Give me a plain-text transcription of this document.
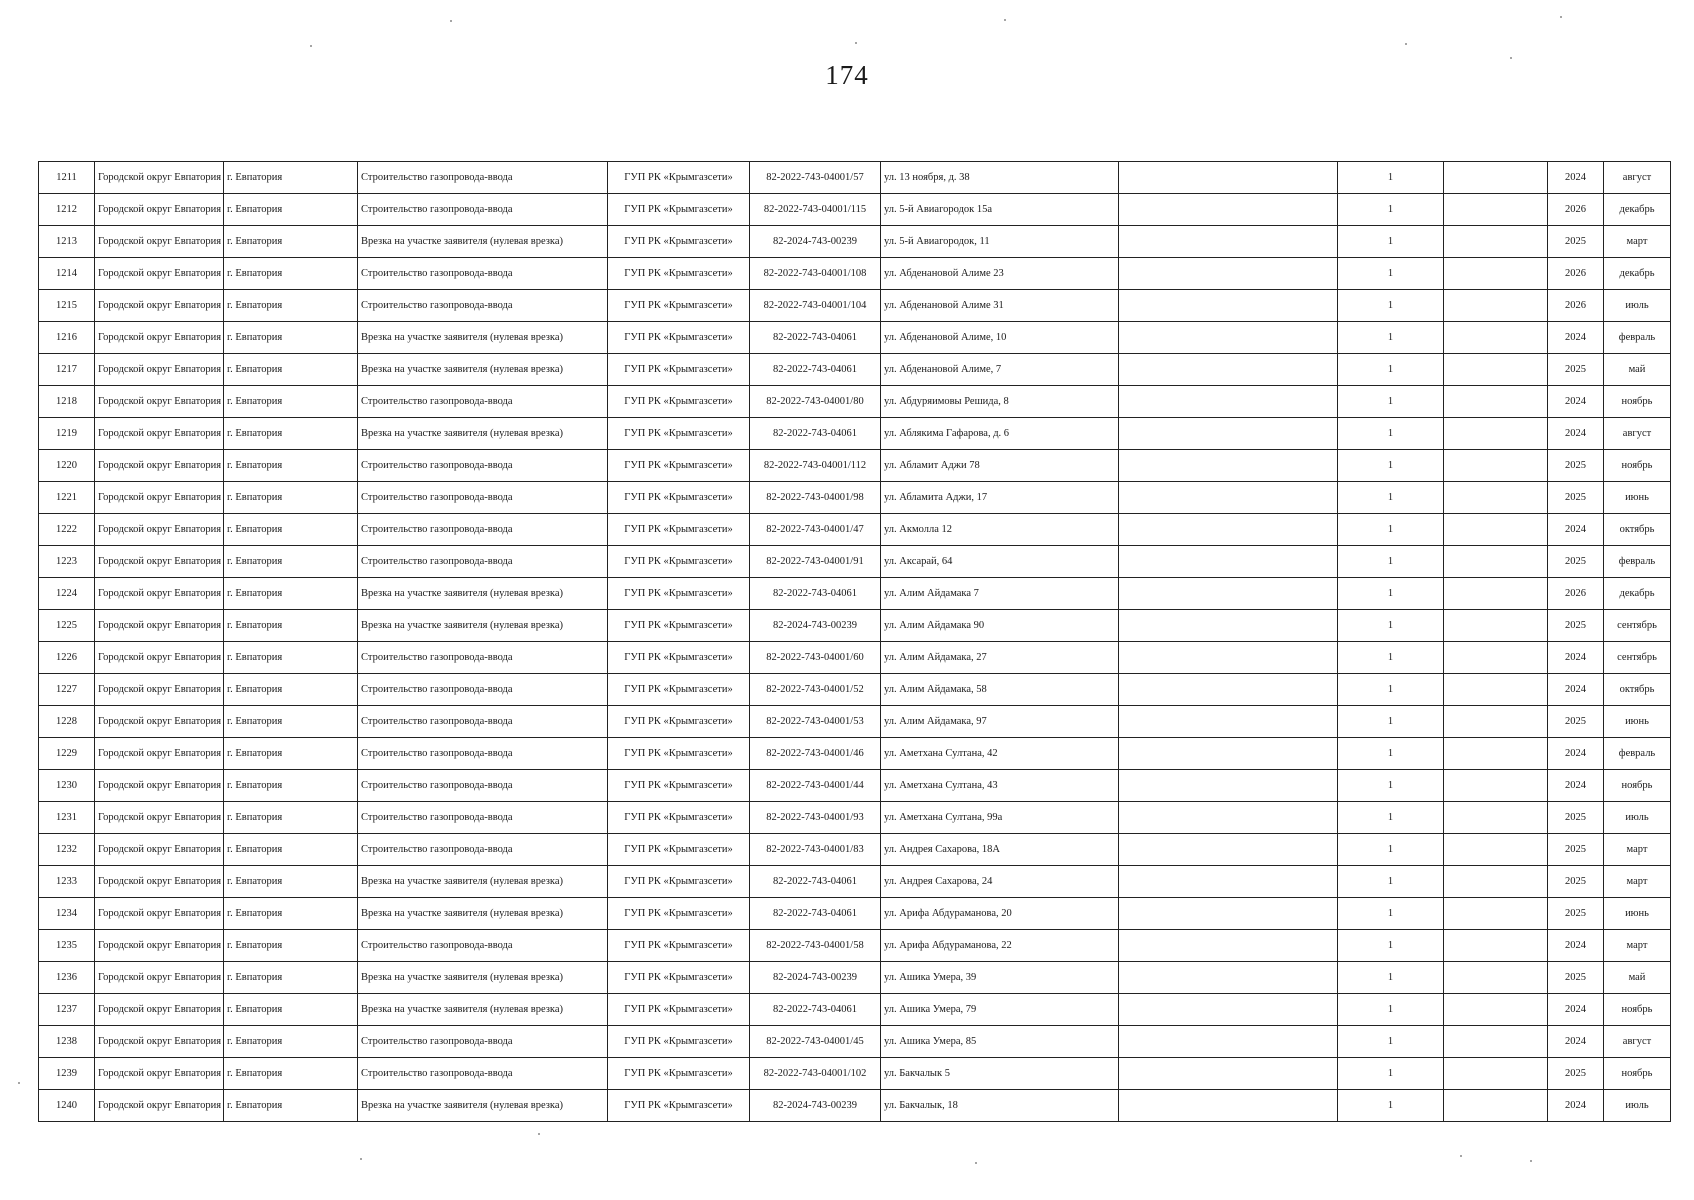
174
1211	Городской округ Евпатория	г. Евпатория	Строительство газопровода-ввода	ГУП РК «Крымгазсети»	82-2022-743-04001/57	ул. 13 ноября, д. 38		1		2024	август
1212	Городской округ Евпатория	г. Евпатория	Строительство газопровода-ввода	ГУП РК «Крымгазсети»	82-2022-743-04001/115	ул. 5-й Авиагородок 15а		1		2026	декабрь
1213	Городской округ Евпатория	г. Евпатория	Врезка на участке заявителя (нулевая врезка)	ГУП РК «Крымгазсети»	82-2024-743-00239	ул. 5-й Авиагородок, 11		1		2025	март
1214	Городской округ Евпатория	г. Евпатория	Строительство газопровода-ввода	ГУП РК «Крымгазсети»	82-2022-743-04001/108	ул. Абденановой Алиме 23		1		2026	декабрь
1215	Городской округ Евпатория	г. Евпатория	Строительство газопровода-ввода	ГУП РК «Крымгазсети»	82-2022-743-04001/104	ул. Абденановой Алиме 31		1		2026	июль
1216	Городской округ Евпатория	г. Евпатория	Врезка на участке заявителя (нулевая врезка)	ГУП РК «Крымгазсети»	82-2022-743-04061	ул. Абденановой Алиме, 10		1		2024	февраль
1217	Городской округ Евпатория	г. Евпатория	Врезка на участке заявителя (нулевая врезка)	ГУП РК «Крымгазсети»	82-2022-743-04061	ул. Абденановой Алиме, 7		1		2025	май
1218	Городской округ Евпатория	г. Евпатория	Строительство газопровода-ввода	ГУП РК «Крымгазсети»	82-2022-743-04001/80	ул. Абдуряимовы Решида, 8		1		2024	ноябрь
1219	Городской округ Евпатория	г. Евпатория	Врезка на участке заявителя (нулевая врезка)	ГУП РК «Крымгазсети»	82-2022-743-04061	ул. Аблякима Гафарова, д. 6		1		2024	август
1220	Городской округ Евпатория	г. Евпатория	Строительство газопровода-ввода	ГУП РК «Крымгазсети»	82-2022-743-04001/112	ул. Абламит Аджи 78		1		2025	ноябрь
1221	Городской округ Евпатория	г. Евпатория	Строительство газопровода-ввода	ГУП РК «Крымгазсети»	82-2022-743-04001/98	ул. Абламита Аджи, 17		1		2025	июнь
1222	Городской округ Евпатория	г. Евпатория	Строительство газопровода-ввода	ГУП РК «Крымгазсети»	82-2022-743-04001/47	ул. Акмолла 12		1		2024	октябрь
1223	Городской округ Евпатория	г. Евпатория	Строительство газопровода-ввода	ГУП РК «Крымгазсети»	82-2022-743-04001/91	ул. Аксарай, 64		1		2025	февраль
1224	Городской округ Евпатория	г. Евпатория	Врезка на участке заявителя (нулевая врезка)	ГУП РК «Крымгазсети»	82-2022-743-04061	ул. Алим Айдамака 7		1		2026	декабрь
1225	Городской округ Евпатория	г. Евпатория	Врезка на участке заявителя (нулевая врезка)	ГУП РК «Крымгазсети»	82-2024-743-00239	ул. Алим Айдамака 90		1		2025	сентябрь
1226	Городской округ Евпатория	г. Евпатория	Строительство газопровода-ввода	ГУП РК «Крымгазсети»	82-2022-743-04001/60	ул. Алим Айдамака, 27		1		2024	сентябрь
1227	Городской округ Евпатория	г. Евпатория	Строительство газопровода-ввода	ГУП РК «Крымгазсети»	82-2022-743-04001/52	ул. Алим Айдамака, 58		1		2024	октябрь
1228	Городской округ Евпатория	г. Евпатория	Строительство газопровода-ввода	ГУП РК «Крымгазсети»	82-2022-743-04001/53	ул. Алим Айдамака, 97		1		2025	июнь
1229	Городской округ Евпатория	г. Евпатория	Строительство газопровода-ввода	ГУП РК «Крымгазсети»	82-2022-743-04001/46	ул. Аметхана Султана, 42		1		2024	февраль
1230	Городской округ Евпатория	г. Евпатория	Строительство газопровода-ввода	ГУП РК «Крымгазсети»	82-2022-743-04001/44	ул. Аметхана Султана, 43		1		2024	ноябрь
1231	Городской округ Евпатория	г. Евпатория	Строительство газопровода-ввода	ГУП РК «Крымгазсети»	82-2022-743-04001/93	ул. Аметхана Султана, 99а		1		2025	июль
1232	Городской округ Евпатория	г. Евпатория	Строительство газопровода-ввода	ГУП РК «Крымгазсети»	82-2022-743-04001/83	ул. Андрея Сахарова, 18А		1		2025	март
1233	Городской округ Евпатория	г. Евпатория	Врезка на участке заявителя (нулевая врезка)	ГУП РК «Крымгазсети»	82-2022-743-04061	ул. Андрея Сахарова, 24		1		2025	март
1234	Городской округ Евпатория	г. Евпатория	Врезка на участке заявителя (нулевая врезка)	ГУП РК «Крымгазсети»	82-2022-743-04061	ул. Арифа Абдураманова, 20		1		2025	июнь
1235	Городской округ Евпатория	г. Евпатория	Строительство газопровода-ввода	ГУП РК «Крымгазсети»	82-2022-743-04001/58	ул. Арифа Абдураманова, 22		1		2024	март
1236	Городской округ Евпатория	г. Евпатория	Врезка на участке заявителя (нулевая врезка)	ГУП РК «Крымгазсети»	82-2024-743-00239	ул. Ашика Умера, 39		1		2025	май
1237	Городской округ Евпатория	г. Евпатория	Врезка на участке заявителя (нулевая врезка)	ГУП РК «Крымгазсети»	82-2022-743-04061	ул. Ашика Умера, 79		1		2024	ноябрь
1238	Городской округ Евпатория	г. Евпатория	Строительство газопровода-ввода	ГУП РК «Крымгазсети»	82-2022-743-04001/45	ул. Ашика Умера, 85		1		2024	август
1239	Городской округ Евпатория	г. Евпатория	Строительство газопровода-ввода	ГУП РК «Крымгазсети»	82-2022-743-04001/102	ул. Бакчалык 5		1		2025	ноябрь
1240	Городской округ Евпатория	г. Евпатория	Врезка на участке заявителя (нулевая врезка)	ГУП РК «Крымгазсети»	82-2024-743-00239	ул. Бакчалык, 18		1		2024	июль
